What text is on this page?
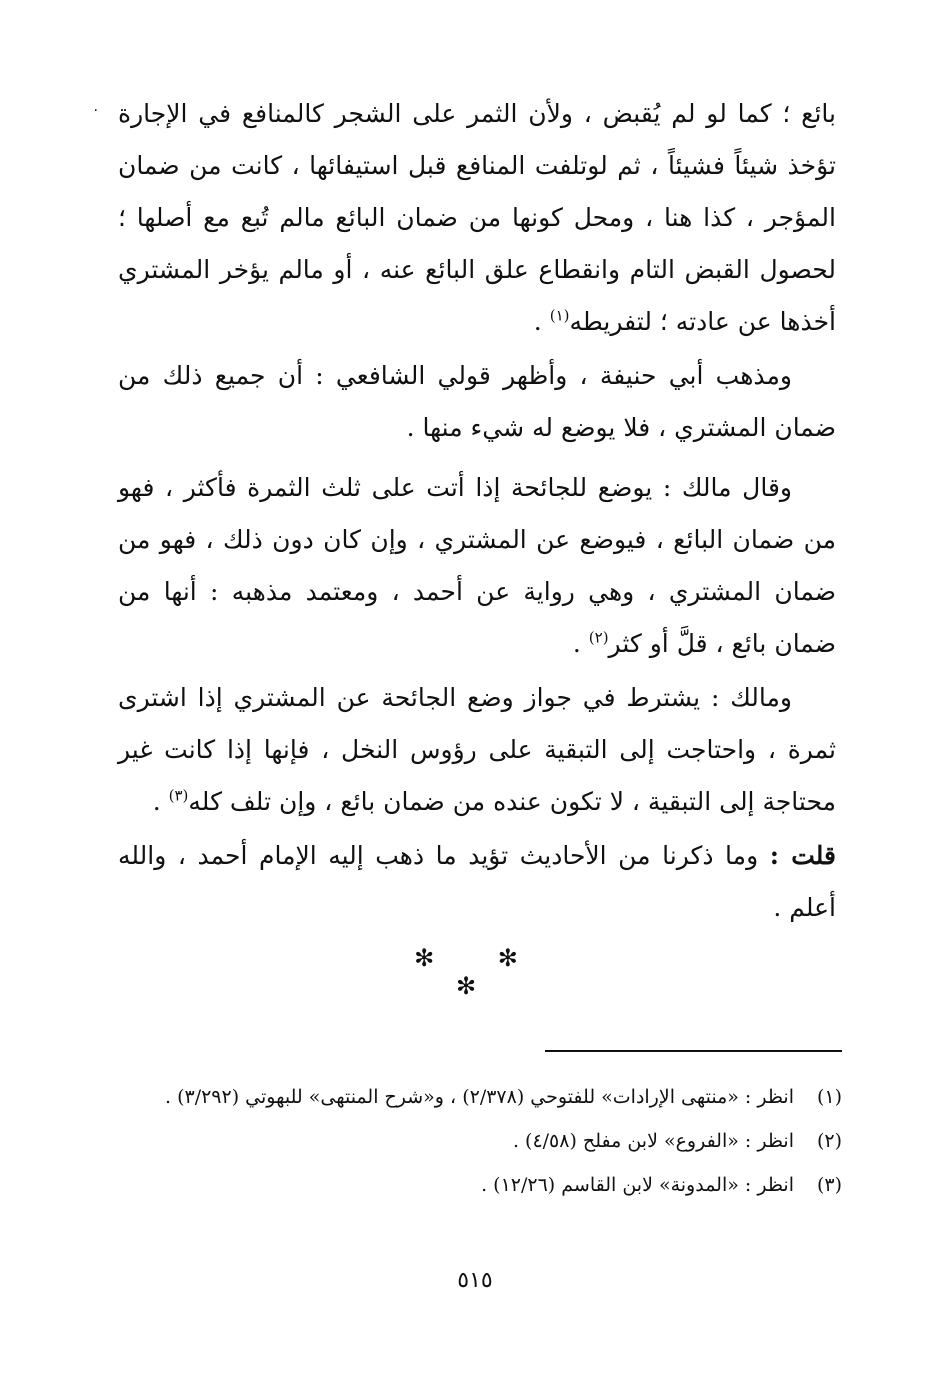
٠ بائع ؛ كما لو لم يُقبض ، ولأن الثمر على الشجر كالمنافع في الإجارة تؤخذ شيئاً فشيئاً ، ثم لوتلفت المنافع قبل استيفائها ، كانت من ضمان المؤجر ، كذا هنا ، ومحل كونها من ضمان البائع مالم تُبع مع أصلها ؛ لحصول القبض التام وانقطاع علق البائع عنه ، أو مالم يؤخر المشتري أخذها عن عادته ؛ لتفريطه$^{(١)}$ .

ومذهب أبي حنيفة ، وأظهر قولي الشافعي : أن جميع ذلك من ضمان المشتري ، فلا يوضع له شيء منها .

وقال مالك : يوضع للجائحة إذا أتت على ثلث الثمرة فأكثر ، فهو من ضمان البائع ، فيوضع عن المشتري ، وإن كان دون ذلك ، فهو من ضمان المشتري ، وهي رواية عن أحمد ، ومعتمد مذهبه : أنها من ضمان بائع ، قلَّ أو كثر$^{(٢)}$ .

ومالك : يشترط في جواز وضع الجائحة عن المشتري إذا اشترى ثمرة ، واحتاجت إلى التبقية على رؤوس النخل ، فإنها إذا كانت غير محتاجة إلى التبقية ، لا تكون عنده من ضمان بائع ، وإن تلف كله$^{(٣)}$ .

قلت : وما ذكرنا من الأحاديث تؤيد ما ذهب إليه الإمام أحمد ، والله أعلم .

✻ ✻ ✻
(١)
انظر : «منتهى الإرادات» للفتوحي (٢/٣٧٨) ، و«شرح المنتهى» للبهوتي (٣/٢٩٢) .
(٢)
انظر : «الفروع» لابن مفلح (٤/٥٨) .
(٣)
انظر : «المدونة» لابن القاسم (١٢/٢٦) .
٥١٥
